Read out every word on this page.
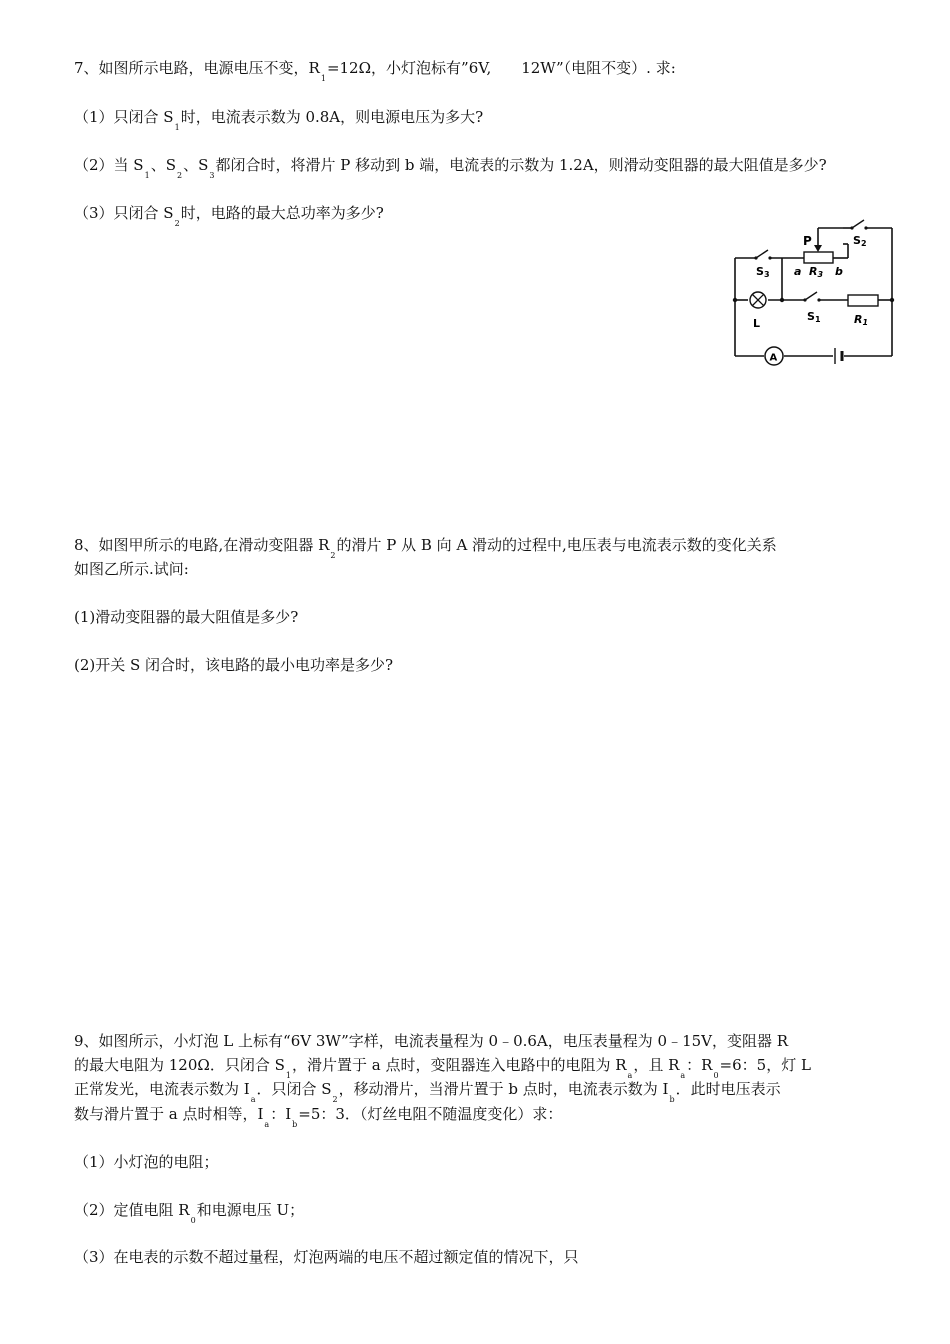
7、如图所示电路，电源电压不变，$R_1=12\Omega$，小灯泡标有”6V,　　12W”（电阻不变）. 求:
（1）只闭合 $S_1$时，电流表示数为 0.8A，则电源电压为多大?
（2）当 $S_1$、$S_2$、$S_3$都闭合时，将滑片 P 移动到 b 端，电流表的示数为 1.2A，则滑动变阻器的最大阻值是多少?
（3）只闭合 $S_2$时，电路的最大总功率为多少?
P	S2
S3 a R3 b
L
S1	R1
A
8、如图甲所示的电路,在滑动变阻器 $R_2$的滑片 P 从 B 向 A 滑动的过程中,电压表与电流表示数的变化关系
如图乙所示.试问:
(1)滑动变阻器的最大阻值是多少?
(2)开关 S 闭合时，该电路的最小电功率是多少?
9、如图所示，小灯泡 L 上标有“6V 3W”字样，电流表量程为 0﹣0.6A，电压表量程为 0﹣15V，变阻器 R
的最大电阻为 120Ω．只闭合 $S_1$，滑片置于 a 点时，变阻器连入电路中的电阻为 $R_a$，且 $R_a$：$R_0=6$：5，灯 L
正常发光，电流表示数为 $I_a$．只闭合 $S_2$，移动滑片，当滑片置于 b 点时，电流表示数为 $I_b$．此时电压表示
数与滑片置于 a 点时相等，$I_a$：$I_b=5$：3．（灯丝电阻不随温度变化）求：
（1）小灯泡的电阻；
（2）定值电阻 $R_0$和电源电压 U；
（3）在电表的示数不超过量程，灯泡两端的电压不超过额定值的情况下，只
